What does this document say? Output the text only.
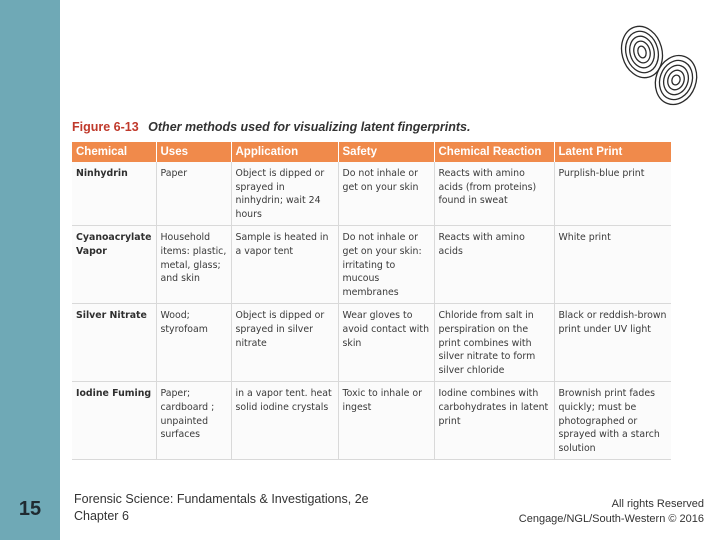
15
Figure 6-13 Other methods used for visualizing latent fingerprints.
Chemical	Uses	Application	Safety	Chemical Reaction	Latent Print
Ninhydrin	Paper	Object is dipped or sprayed in ninhydrin; wait 24 hours	Do not inhale or get on your skin	Reacts with amino acids (from proteins) found in sweat	Purplish-blue print
Cyanoacrylate Vapor	Household items: plastic, metal, glass; and skin	Sample is heated in a vapor tent	Do not inhale or get on your skin: irritating to mucous membranes	Reacts with amino acids	White print
Silver Nitrate	Wood; styrofoam	Object is dipped or sprayed in silver nitrate	Wear gloves to avoid contact with skin	Chloride from salt in perspiration on the print combines with silver nitrate to form silver chloride	Black or reddish-brown print under UV light
Iodine Fuming	Paper; cardboard ; unpainted surfaces	in a vapor tent. heat solid iodine crystals	Toxic to inhale or ingest	Iodine combines with carbohydrates in latent print	Brownish print fades quickly; must be photographed or sprayed with a starch solution
Forensic Science: Fundamentals & Investigations, 2e
Chapter 6
All rights Reserved
Cengage/NGL/South-Western © 2016
